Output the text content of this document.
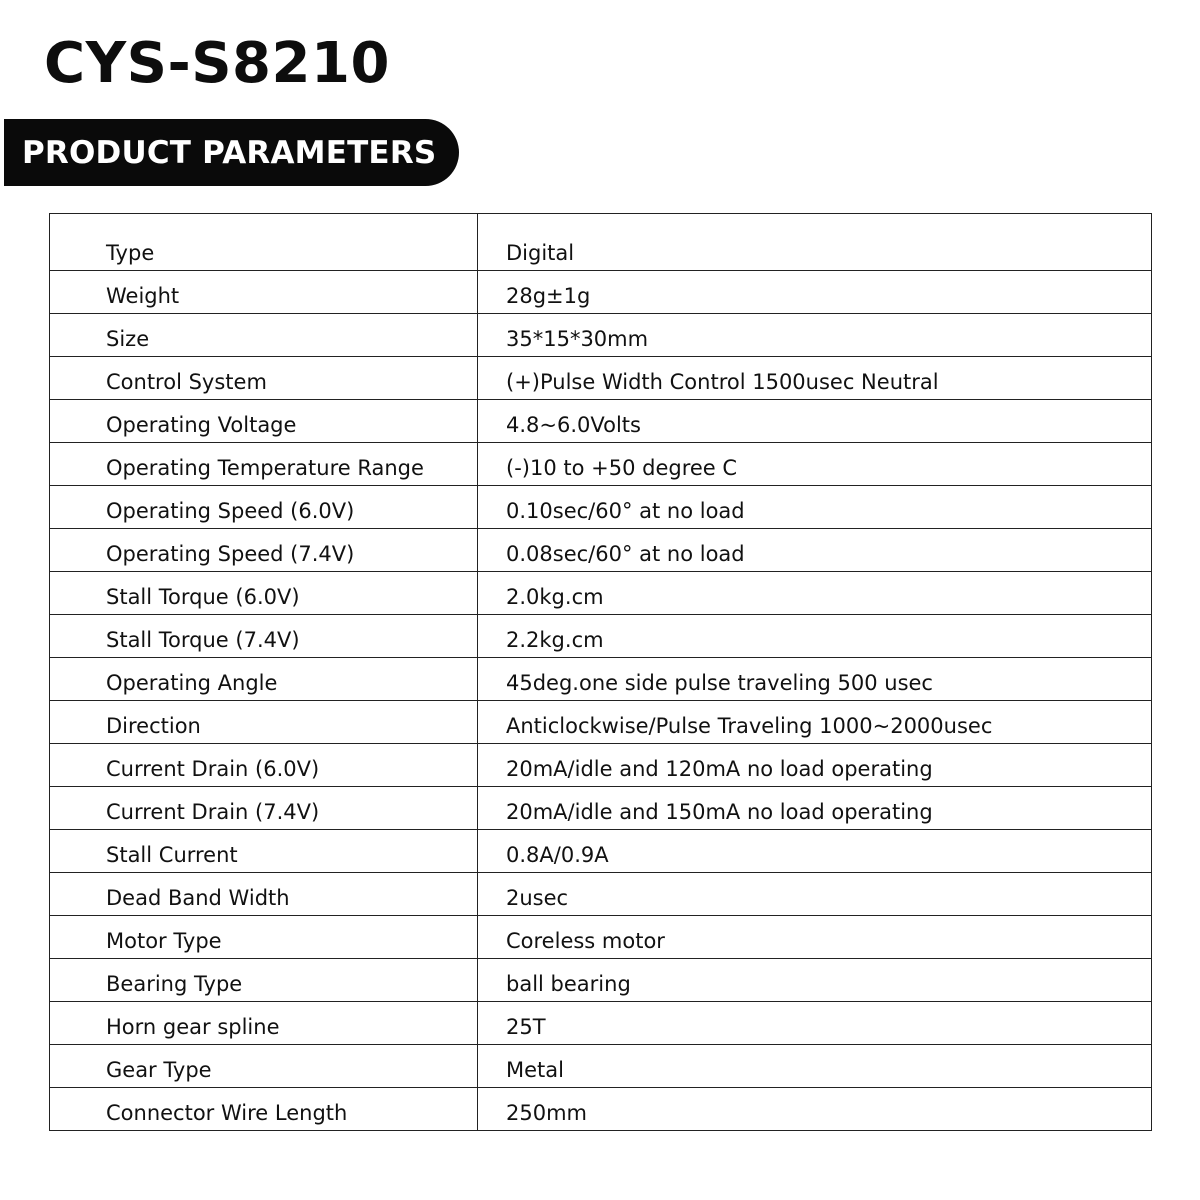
CYS-S8210
PRODUCT PARAMETERS
Type	Digital
Weight	28g±1g
Size	35*15*30mm
Control System	(+)Pulse Width Control 1500usec Neutral
Operating Voltage	4.8~6.0Volts
Operating Temperature Range	(-)10 to +50 degree C
Operating Speed (6.0V)	0.10sec/60° at no load
Operating Speed (7.4V)	0.08sec/60° at no load
Stall Torque (6.0V)	2.0kg.cm
Stall Torque (7.4V)	2.2kg.cm
Operating Angle	45deg.one side pulse traveling 500 usec
Direction	Anticlockwise/Pulse Traveling 1000~2000usec
Current Drain (6.0V)	20mA/idle and 120mA no load operating
Current Drain (7.4V)	20mA/idle and 150mA no load operating
Stall Current	0.8A/0.9A
Dead Band Width	2usec
Motor Type	Coreless motor
Bearing Type	ball bearing
Horn gear spline	25T
Gear Type	Metal
Connector Wire Length	250mm
